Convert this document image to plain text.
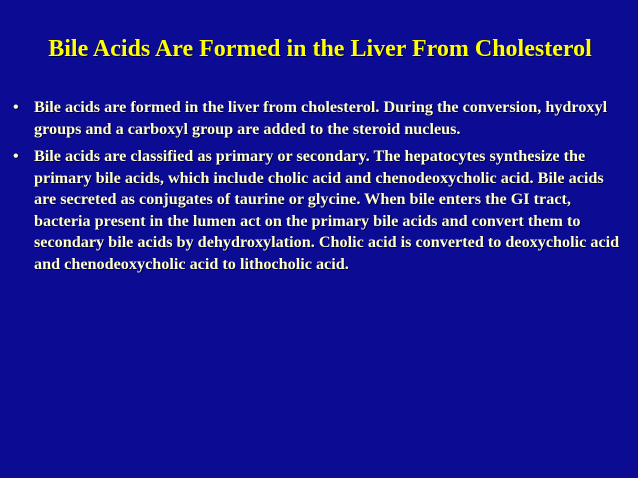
Bile Acids Are Formed in the Liver From Cholesterol
• Bile acids are formed in the liver from cholesterol. During the conversion, hydroxyl groups and a carboxyl group are added to the steroid nucleus.
• Bile acids are classified as primary or secondary. The hepatocytes synthesize the primary bile acids, which include cholic acid and chenodeoxycholic acid. Bile acids are secreted as conjugates of taurine or glycine. When bile enters the GI tract, bacteria present in the lumen act on the primary bile acids and convert them to secondary bile acids by dehydroxylation. Cholic acid is converted to deoxycholic acid and chenodeoxycholic acid to lithocholic acid.
